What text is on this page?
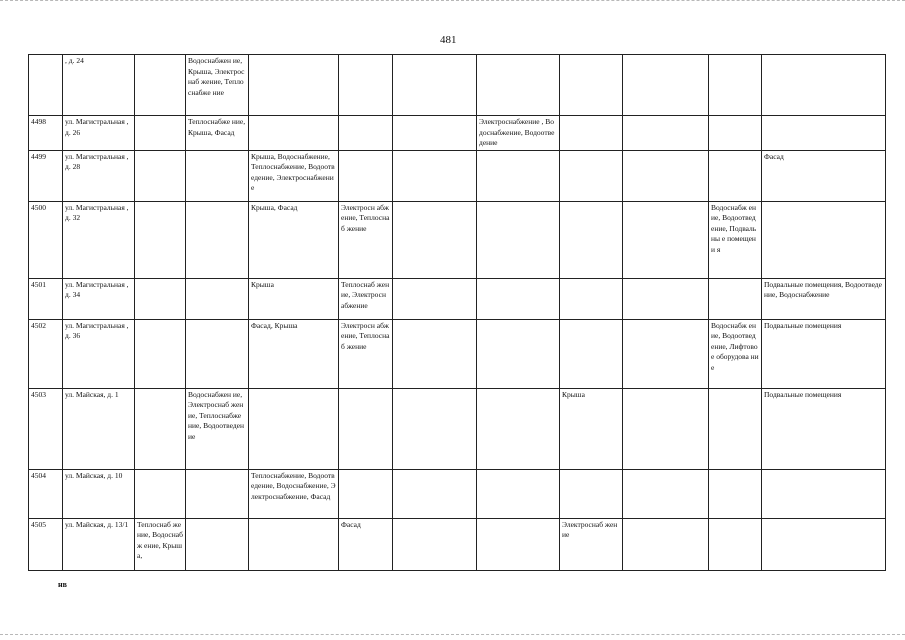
481
	, д. 24		Водоснабжен ие, Крыша, Электроснаб жение, Теплоснабже ние								
4498	ул. Магистральная , д. 26		Теплоснабже ние, Крыша, Фасад				Электроснабжение , Водоснабжение, Водоотведение				
4499	ул. Магистральная , д. 28			Крыша, Водоснабжение, Теплоснабжение, Водоотведение, Электроснабжение							Фасад
4500	ул. Магистральная , д. 32			Крыша, Фасад	Электросн абжение, Теплоснаб жение					Водоснабж ение, Водоотвед ение, Подвальны е помещени я	
4501	ул. Магистральная , д. 34			Крыша	Теплоснаб жение, Электросн абжение						Подвальные помещения, Водоотведение, Водоснабжение
4502	ул. Магистральная , д. 36			Фасад, Крыша	Электросн абжение, Теплоснаб жение					Водоснабж ение, Водоотвед ение, Лифтовое оборудова ние	Подвальные помещения
4503	ул. Майская, д. 1		Водоснабжен ие, Электроснаб жение, Теплоснабже ние, Водоотведен ие					Крыша			Подвальные помещения
4504	ул. Майская, д. 10			Теплоснабжение, Водоотведение, Водоснабжение, Электроснабжение, Фасад							
4505	ул. Майская, д. 13/1	Теплоснаб жение, Водоснабж ение, Крыша,			Фасад			Электроснаб жение			
нв
